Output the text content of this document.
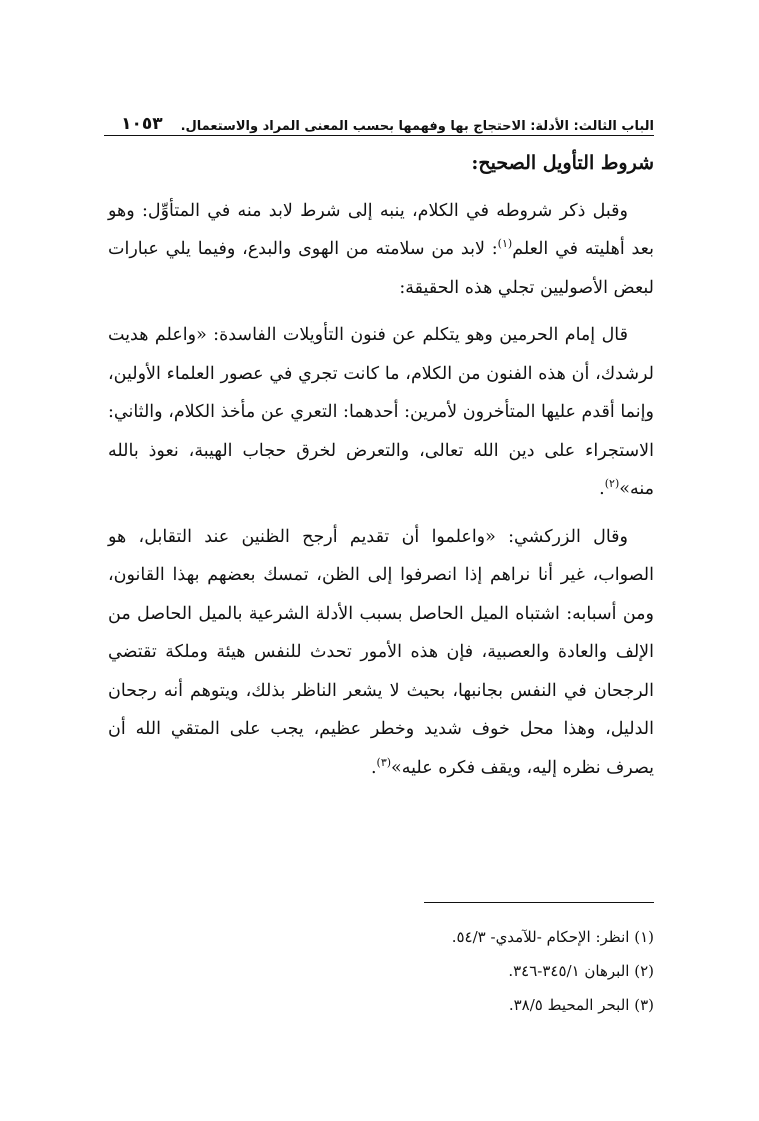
الباب الثالث: الأدلة: الاحتجاج بها وفهمها بحسب المعنى المراد والاستعمال.
١٠٥٣

شروط التأويل الصحيح:

وقبل ذكر شروطه في الكلام، ينبه إلى شرط لابد منه في المتأوِّل: وهو بعد أهليته في العلم$^{(١)}$: لابد من سلامته من الهوى والبدع، وفيما يلي عبارات لبعض الأصوليين تجلي هذه الحقيقة:

قال إمام الحرمين وهو يتكلم عن فنون التأويلات الفاسدة: «واعلم هديت لرشدك، أن هذه الفنون من الكلام، ما كانت تجري في عصور العلماء الأولين، وإنما أقدم عليها المتأخرون لأمرين: أحدهما: التعري عن مأخذ الكلام، والثاني: الاستجراء على دين الله تعالى، والتعرض لخرق حجاب الهيبة، نعوذ بالله منه»$^{(٢)}$.

وقال الزركشي: «واعلموا أن تقديم أرجح الظنين عند التقابل، هو الصواب، غير أنا نراهم إذا انصرفوا إلى الظن، تمسك بعضهم بهذا القانون، ومن أسبابه: اشتباه الميل الحاصل بسبب الأدلة الشرعية بالميل الحاصل من الإلف والعادة والعصبية، فإن هذه الأمور تحدث للنفس هيئة وملكة تقتضي الرجحان في النفس بجانبها، بحيث لا يشعر الناظر بذلك، ويتوهم أنه رجحان الدليل، وهذا محل خوف شديد وخطر عظيم، يجب على المتقي الله أن يصرف نظره إليه، ويقف فكره عليه»$^{(٣)}$.

(١) انظر: الإحكام -للآمدي- ٥٤/٣.

(٢) البرهان ٣٤٥/١-٣٤٦.

(٣) البحر المحيط ٣٨/٥.
